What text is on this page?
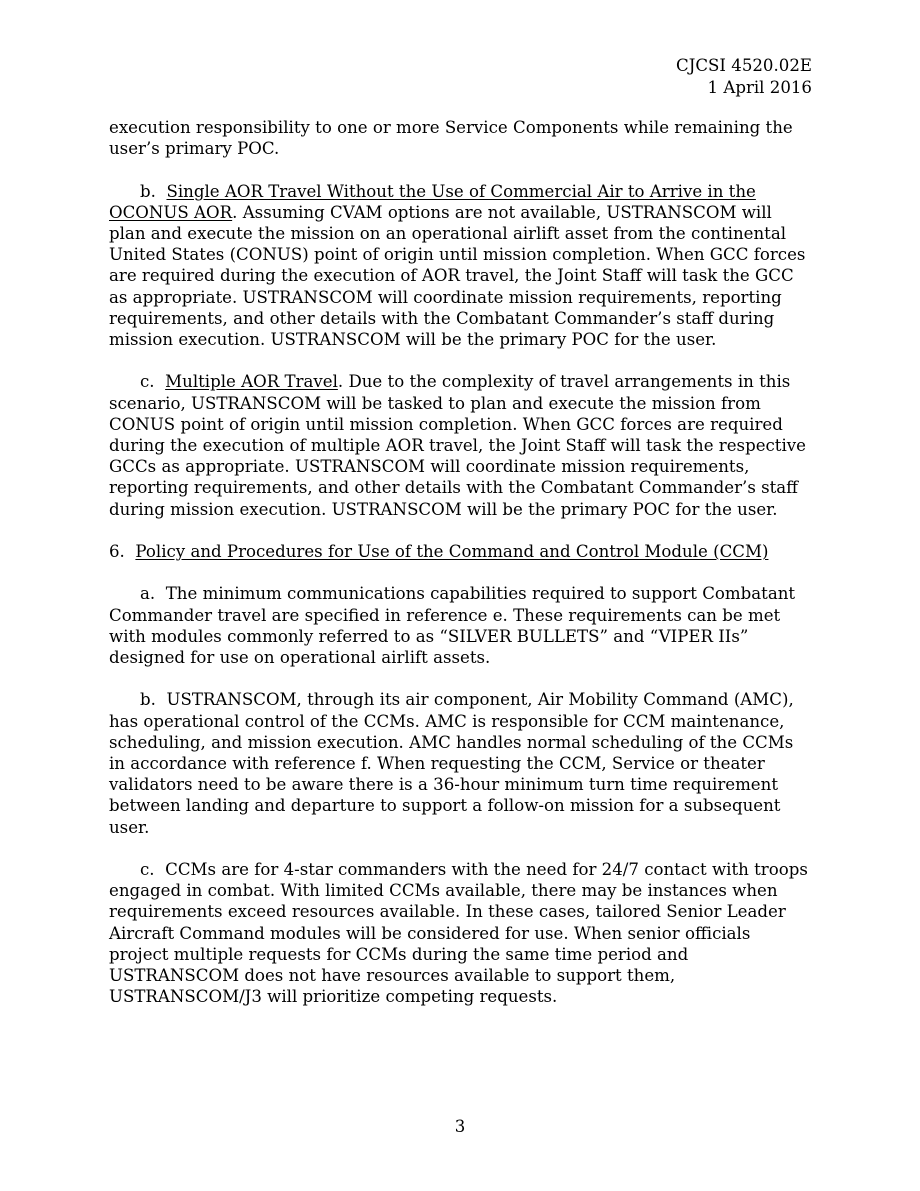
CJCSI 4520.02E
1 April 2016

execution responsibility to one or more Service Components while remaining the user’s primary POC.

b. Single AOR Travel Without the Use of Commercial Air to Arrive in the OCONUS AOR. Assuming CVAM options are not available, USTRANSCOM will plan and execute the mission on an operational airlift asset from the continental United States (CONUS) point of origin until mission completion. When GCC forces are required during the execution of AOR travel, the Joint Staff will task the GCC as appropriate. USTRANSCOM will coordinate mission requirements, reporting requirements, and other details with the Combatant Commander’s staff during mission execution. USTRANSCOM will be the primary POC for the user.

c. Multiple AOR Travel. Due to the complexity of travel arrangements in this scenario, USTRANSCOM will be tasked to plan and execute the mission from CONUS point of origin until mission completion. When GCC forces are required during the execution of multiple AOR travel, the Joint Staff will task the respective GCCs as appropriate. USTRANSCOM will coordinate mission requirements, reporting requirements, and other details with the Combatant Commander’s staff during mission execution. USTRANSCOM will be the primary POC for the user.

6. Policy and Procedures for Use of the Command and Control Module (CCM)

a. The minimum communications capabilities required to support Combatant Commander travel are specified in reference e. These requirements can be met with modules commonly referred to as “SILVER BULLETS” and “VIPER IIs” designed for use on operational airlift assets.

b. USTRANSCOM, through its air component, Air Mobility Command (AMC), has operational control of the CCMs. AMC is responsible for CCM maintenance, scheduling, and mission execution. AMC handles normal scheduling of the CCMs in accordance with reference f. When requesting the CCM, Service or theater validators need to be aware there is a 36-hour minimum turn time requirement between landing and departure to support a follow-on mission for a subsequent user.

c. CCMs are for 4-star commanders with the need for 24/7 contact with troops engaged in combat. With limited CCMs available, there may be instances when requirements exceed resources available. In these cases, tailored Senior Leader Aircraft Command modules will be considered for use. When senior officials project multiple requests for CCMs during the same time period and USTRANSCOM does not have resources available to support them, USTRANSCOM/J3 will prioritize competing requests.

3
